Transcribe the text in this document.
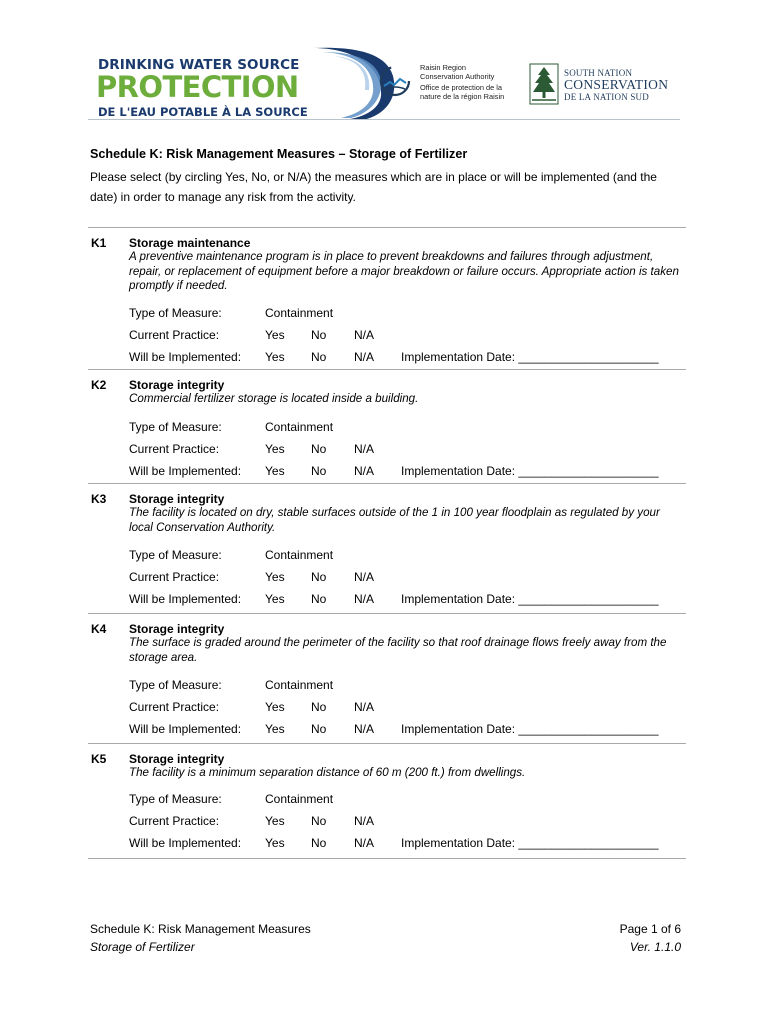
DRINKING WATER SOURCE
PROTECTION
DE L'EAU POTABLE À LA SOURCE
Raisin Region
Conservation Authority
Office de protection de la
nature de la région Raisin
SOUTH NATION
CONSERVATION
DE LA NATION SUD
Schedule K: Risk Management Measures – Storage of Fertilizer
Please select (by circling Yes, No, or N/A) the measures which are in place or will be implemented (and the date) in order to manage any risk from the activity.
K1 Storage maintenance
A preventive maintenance program is in place to prevent breakdowns and failures through adjustment, repair, or replacement of equipment before a major breakdown or failure occurs. Appropriate action is taken promptly if needed.
Type of Measure:	Containment
Current Practice:	Yes No N/A
Will be Implemented: Yes No N/A Implementation Date: _____________________
K2 Storage integrity
Commercial fertilizer storage is located inside a building.
Type of Measure:	Containment
Current Practice:	Yes No N/A
Will be Implemented: Yes No N/A Implementation Date: _____________________
K3 Storage integrity
The facility is located on dry, stable surfaces outside of the 1 in 100 year floodplain as regulated by your local Conservation Authority.
Type of Measure:	Containment
Current Practice:	Yes No N/A
Will be Implemented: Yes No N/A Implementation Date: _____________________
K4 Storage integrity
The surface is graded around the perimeter of the facility so that roof drainage flows freely away from the storage area.
Type of Measure:	Containment
Current Practice:	Yes No N/A
Will be Implemented: Yes No N/A Implementation Date: _____________________
K5 Storage integrity
The facility is a minimum separation distance of 60 m (200 ft.) from dwellings.
Type of Measure:	Containment
Current Practice:	Yes No N/A
Will be Implemented: Yes No N/A Implementation Date: _____________________
Schedule K: Risk Management Measures
Storage of Fertilizer
Page 1 of 6
Ver. 1.1.0
